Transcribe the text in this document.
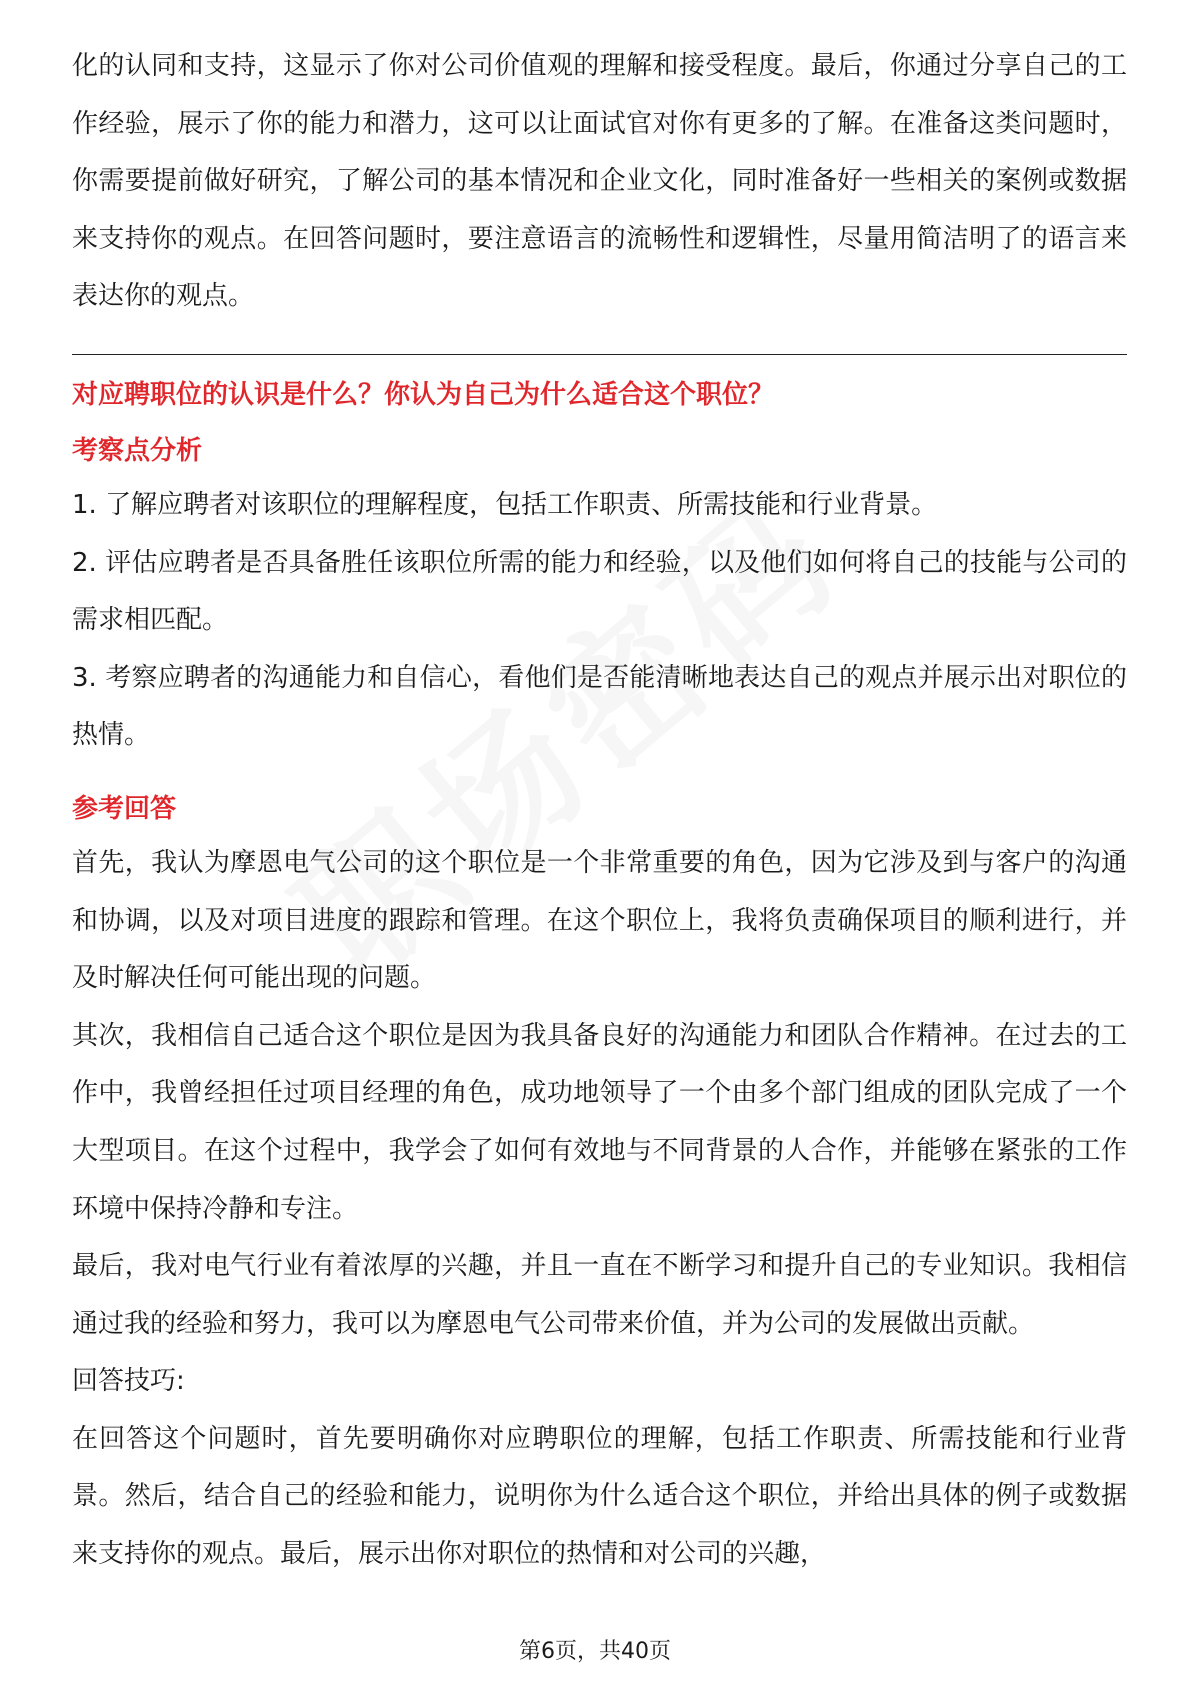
化的认同和支持，这显示了你对公司价值观的理解和接受程度。最后，你通过分享自己的工作经验，展示了你的能力和潜力，这可以让面试官对你有更多的了解。在准备这类问题时，你需要提前做好研究，了解公司的基本情况和企业文化，同时准备好一些相关的案例或数据来支持你的观点。在回答问题时，要注意语言的流畅性和逻辑性，尽量用简洁明了的语言来表达你的观点。

对应聘职位的认识是什么？你认为自己为什么适合这个职位？

考察点分析

1. 了解应聘者对该职位的理解程度，包括工作职责、所需技能和行业背景。

2. 评估应聘者是否具备胜任该职位所需的能力和经验，以及他们如何将自己的技能与公司的需求相匹配。

3. 考察应聘者的沟通能力和自信心，看他们是否能清晰地表达自己的观点并展示出对职位的热情。

参考回答

首先，我认为摩恩电气公司的这个职位是一个非常重要的角色，因为它涉及到与客户的沟通和协调，以及对项目进度的跟踪和管理。在这个职位上，我将负责确保项目的顺利进行，并及时解决任何可能出现的问题。

其次，我相信自己适合这个职位是因为我具备良好的沟通能力和团队合作精神。在过去的工作中，我曾经担任过项目经理的角色，成功地领导了一个由多个部门组成的团队完成了一个大型项目。在这个过程中，我学会了如何有效地与不同背景的人合作，并能够在紧张的工作环境中保持冷静和专注。

最后，我对电气行业有着浓厚的兴趣，并且一直在不断学习和提升自己的专业知识。我相信通过我的经验和努力，我可以为摩恩电气公司带来价值，并为公司的发展做出贡献。

回答技巧:

在回答这个问题时，首先要明确你对应聘职位的理解，包括工作职责、所需技能和行业背景。然后，结合自己的经验和能力，说明你为什么适合这个职位，并给出具体的例子或数据来支持你的观点。最后，展示出你对职位的热情和对公司的兴趣，

第6页，共40页
